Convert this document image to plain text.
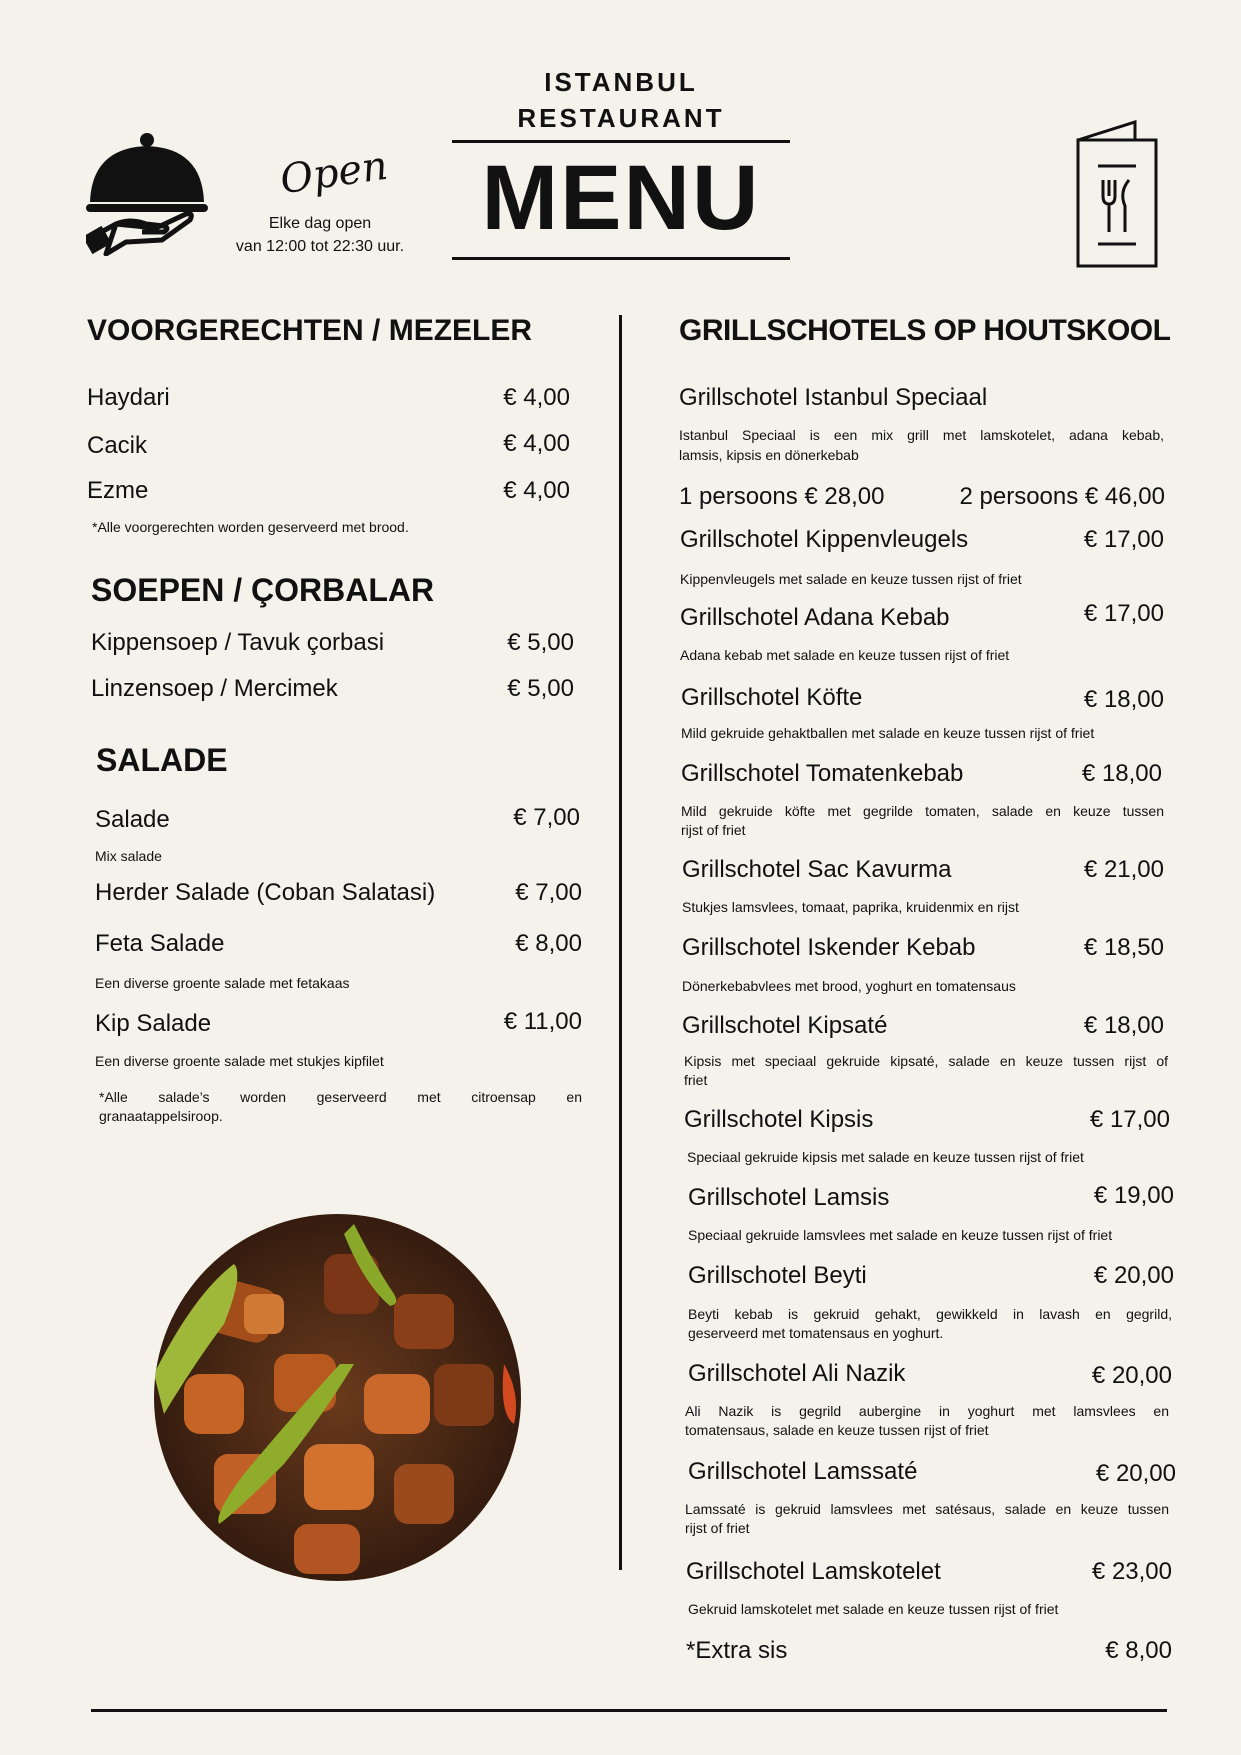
ISTANBUL
RESTAURANT
MENU
Open
Elke dag open
van 12:00 tot 22:30 uur.
VOORGERECHTEN / MEZELER
Haydari	€ 4,00
Cacik	€ 4,00
Ezme	€ 4,00
*Alle voorgerechten worden geserveerd met brood.
SOEPEN / ÇORBALAR
Kippensoep / Tavuk çorbasi	€ 5,00
Linzensoep / Mercimek	€ 5,00
SALADE
Salade	€ 7,00
Mix salade
Herder Salade (Coban Salatasi)	€ 7,00
Feta Salade	€ 8,00
Een diverse groente salade met fetakaas
Kip Salade	€ 11,00
Een diverse groente salade met stukjes kipfilet
*Alle salade’s worden geserveerd met citroensap en
granaatappelsiroop.
GRILLSCHOTELS OP HOUTSKOOL
Grillschotel Istanbul Speciaal
Istanbul Speciaal is een mix grill met lamskotelet, adana kebab,
lamsis, kipsis en dönerkebab
1 persoons € 28,00	2 persoons € 46,00
Grillschotel Kippenvleugels	€ 17,00
Kippenvleugels met salade en keuze tussen rijst of friet
Grillschotel Adana Kebab	€ 17,00
Adana kebab met salade en keuze tussen rijst of friet
Grillschotel Köfte	€ 18,00
Mild gekruide gehaktballen met salade en keuze tussen rijst of friet
Grillschotel Tomatenkebab	€ 18,00
Mild gekruide köfte met gegrilde tomaten, salade en keuze tussen
rijst of friet
Grillschotel Sac Kavurma	€ 21,00
Stukjes lamsvlees, tomaat, paprika, kruidenmix en rijst
Grillschotel Iskender Kebab	€ 18,50
Dönerkebabvlees met brood, yoghurt en tomatensaus
Grillschotel Kipsaté	€ 18,00
Kipsis met speciaal gekruide kipsaté, salade en keuze tussen rijst of
friet
Grillschotel Kipsis	€ 17,00
Speciaal gekruide kipsis met salade en keuze tussen rijst of friet
Grillschotel Lamsis	€ 19,00
Speciaal gekruide lamsvlees met salade en keuze tussen rijst of friet
Grillschotel Beyti	€ 20,00
Beyti kebab is gekruid gehakt, gewikkeld in lavash en gegrild,
geserveerd met tomatensaus en yoghurt.
Grillschotel Ali Nazik	€ 20,00
Ali Nazik is gegrild aubergine in yoghurt met lamsvlees en
tomatensaus, salade en keuze tussen rijst of friet
Grillschotel Lamssaté	€ 20,00
Lamssaté is gekruid lamsvlees met satésaus, salade en keuze tussen
rijst of friet
Grillschotel Lamskotelet	€ 23,00
Gekruid lamskotelet met salade en keuze tussen rijst of friet
*Extra sis	€ 8,00
